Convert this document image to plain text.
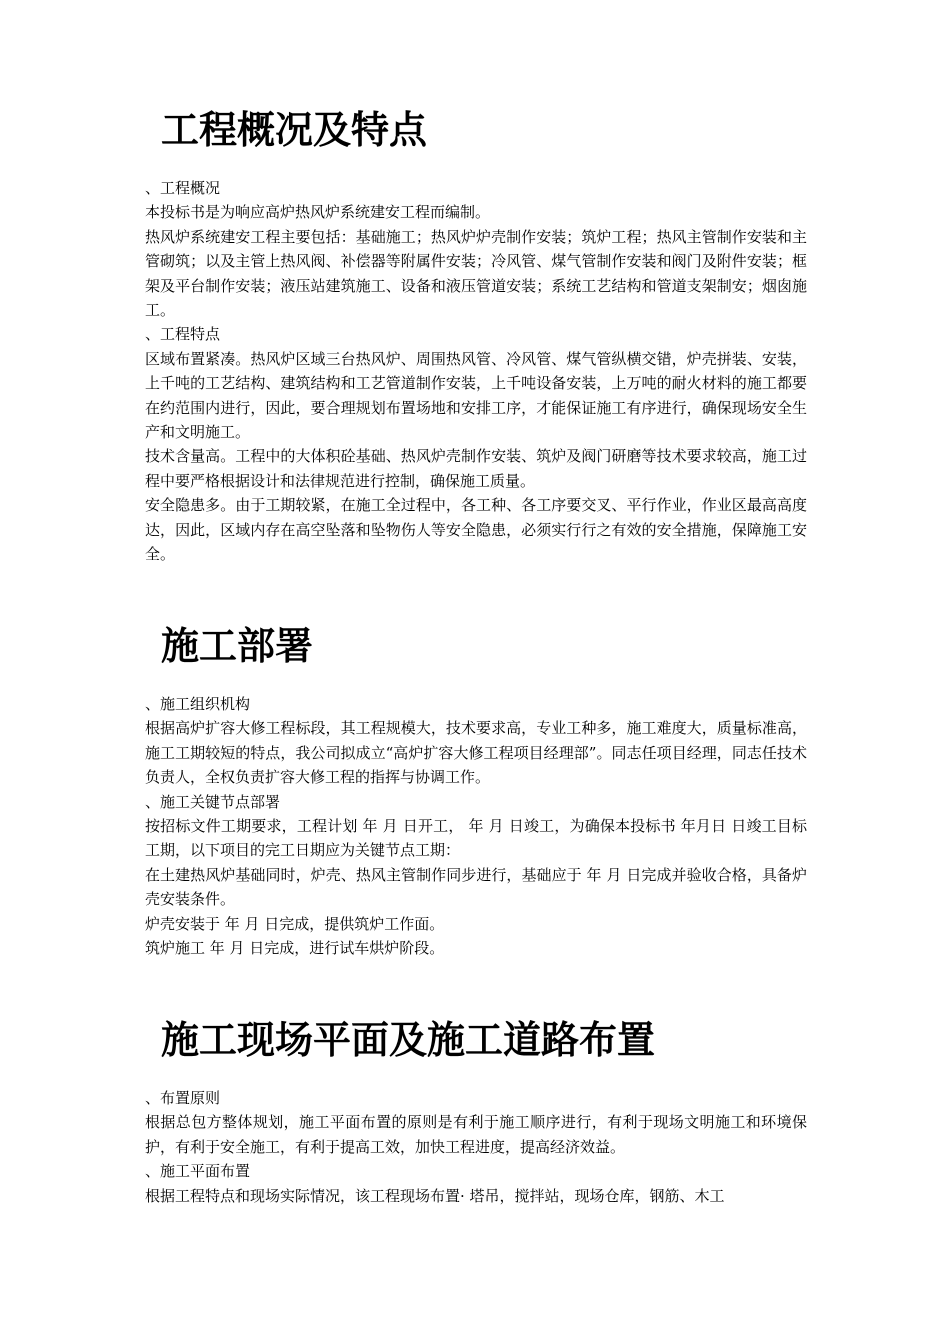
工程概况及特点

、工程概况

本投标书是为响应高炉热风炉系统建安工程而编制。

热风炉系统建安工程主要包括：基础施工；热风炉炉壳制作安装；筑炉工程；热风主管制作安装和主管砌筑；以及主管上热风阀、补偿器等附属件安装；冷风管、煤气管制作安装和阀门及附件安装；框架及平台制作安装；液压站建筑施工、设备和液压管道安装；系统工艺结构和管道支架制安；烟囱施工。

、工程特点

区域布置紧凑。热风炉区域三台热风炉、周围热风管、冷风管、煤气管纵横交错，炉壳拼装、安装，上千吨的工艺结构、建筑结构和工艺管道制作安装，上千吨设备安装，上万吨的耐火材料的施工都要在约范围内进行，因此，要合理规划布置场地和安排工序，才能保证施工有序进行，确保现场安全生产和文明施工。

技术含量高。工程中的大体积砼基础、热风炉壳制作安装、筑炉及阀门研磨等技术要求较高，施工过程中要严格根据设计和法律规范进行控制，确保施工质量。

安全隐患多。由于工期较紧，在施工全过程中，各工种、各工序要交叉、平行作业，作业区最高高度达，因此，区域内存在高空坠落和坠物伤人等安全隐患，必须实行行之有效的安全措施，保障施工安全。

施工部署

、施工组织机构

根据高炉扩容大修工程标段，其工程规模大，技术要求高，专业工种多，施工难度大，质量标准高，施工工期较短的特点，我公司拟成立“高炉扩容大修工程项目经理部”。同志任项目经理，同志任技术负责人，全权负责扩容大修工程的指挥与协调工作。

、施工关键节点部署

按招标文件工期要求，工程计划 年 月 日开工， 年 月 日竣工，为确保本投标书 年月日 日竣工目标工期，以下项目的完工日期应为关键节点工期：

在土建热风炉基础同时，炉壳、热风主管制作同步进行，基础应于 年 月 日完成并验收合格，具备炉壳安装条件。

炉壳安装于 年 月 日完成，提供筑炉工作面。

筑炉施工 年 月 日完成，进行试车烘炉阶段。

施工现场平面及施工道路布置

、布置原则

根据总包方整体规划，施工平面布置的原则是有利于施工顺序进行，有利于现场文明施工和环境保护，有利于安全施工，有利于提高工效，加快工程进度，提高经济效益。

、施工平面布置

根据工程特点和现场实际情况，该工程现场布置· 塔吊，搅拌站，现场仓库，钢筋、木工
